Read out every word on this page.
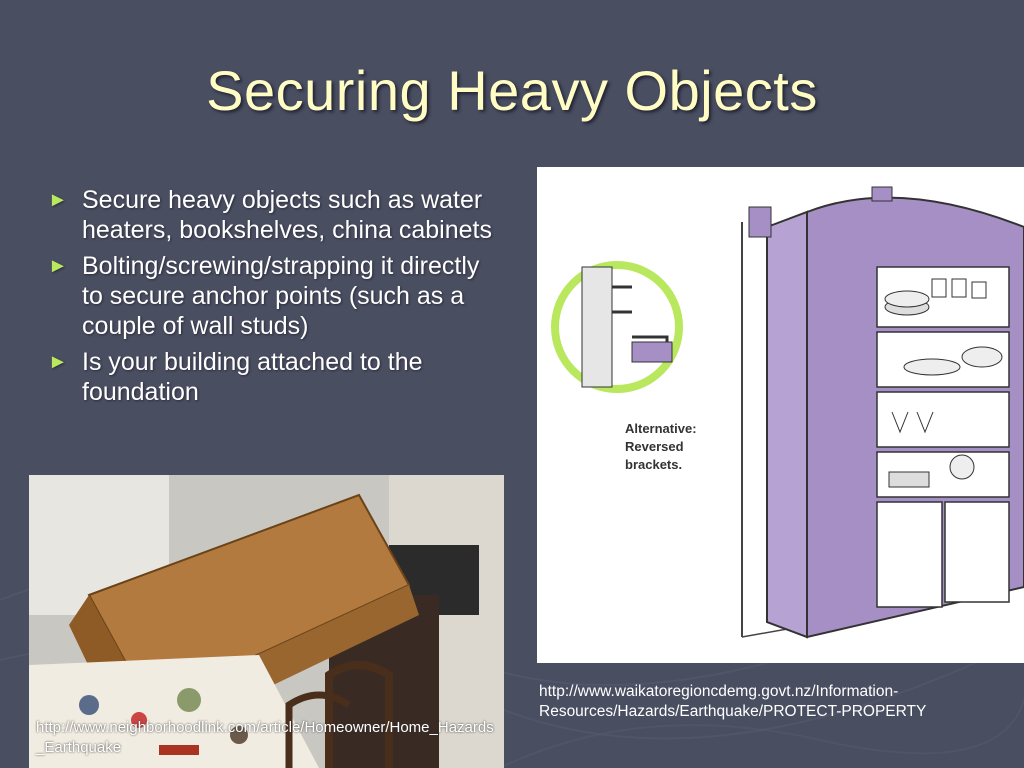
Securing Heavy Objects
► Secure heavy objects such as water heaters, bookshelves, china cabinets
► Bolting/screwing/strapping it directly to secure anchor points (such as a couple of wall studs)
► Is your building attached to the foundation
Alternative:
Reversed
brackets.
http://www.neighborhoodlink.com/article/Homeowner/Home_Hazards_Earthquake
http://www.waikatoregioncdemg.govt.nz/Information-Resources/Hazards/Earthquake/PROTECT-PROPERTY
